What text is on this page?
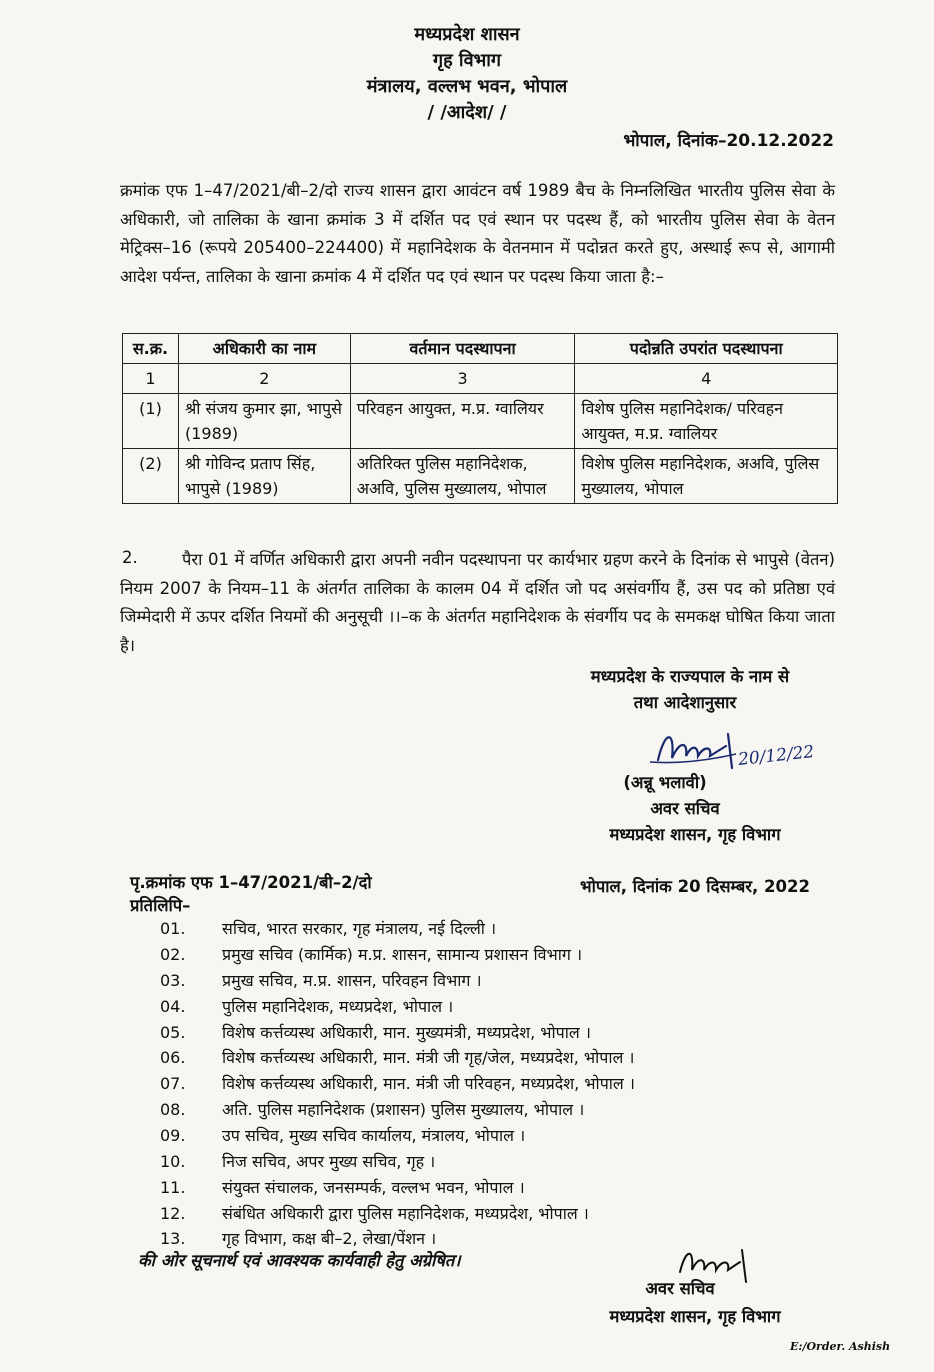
मध्यप्रदेश शासन
गृह विभाग
मंत्रालय, वल्लभ भवन, भोपाल
/ /आदेश/ /
भोपाल, दिनांक–20.12.2022
क्रमांक एफ 1–47/2021/बी–2/दो राज्य शासन द्वारा आवंटन वर्ष 1989 बैच के निम्नलिखित भारतीय पुलिस सेवा के अधिकारी, जो तालिका के खाना क्रमांक 3 में दर्शित पद एवं स्थान पर पदस्थ हैं, को भारतीय पुलिस सेवा के वेतन मेट्रिक्स–16 (रूपये 205400–224400) में महानिदेशक के वेतनमान में पदोन्नत करते हुए, अस्थाई रूप से, आगामी आदेश पर्यन्त, तालिका के खाना क्रमांक 4 में दर्शित पद एवं स्थान पर पदस्थ किया जाता है:–
स.क्र.	अधिकारी का नाम	वर्तमान पदस्थापना	पदोन्नति उपरांत पदस्थापना
1	2	3	4
(1)	श्री संजय कुमार झा, भापुसे (1989)	परिवहन आयुक्त, म.प्र. ग्वालियर	विशेष पुलिस महानिदेशक/ परिवहन आयुक्त, म.प्र. ग्वालियर
(2)	श्री गोविन्द प्रताप सिंह, भापुसे (1989)	अतिरिक्त पुलिस महानिदेशक, अअवि, पुलिस मुख्यालय, भोपाल	विशेष पुलिस महानिदेशक, अअवि, पुलिस मुख्यालय, भोपाल
2.	पैरा 01 में वर्णित अधिकारी द्वारा अपनी नवीन पदस्थापना पर कार्यभार ग्रहण करने के दिनांक से भापुसे (वेतन) नियम 2007 के नियम–11 के अंतर्गत तालिका के कालम 04 में दर्शित जो पद असंवर्गीय हैं, उस पद को प्रतिष्ठा एवं जिम्मेदारी में ऊपर दर्शित नियमों की अनुसूची ।।–क के अंतर्गत महानिदेशक के संवर्गीय पद के समकक्ष घोषित किया जाता है।
मध्यप्रदेश के राज्यपाल के नाम से
तथा आदेशानुसार
20/12/22
(अन्नू भलावी)
अवर सचिव
मध्यप्रदेश शासन, गृह विभाग
पृ.क्रमांक एफ 1–47/2021/बी–2/दो	भोपाल, दिनांक 20 दिसम्बर, 2022
प्रतिलिपि–
01. सचिव, भारत सरकार, गृह मंत्रालय, नई दिल्ली ।
02. प्रमुख सचिव (कार्मिक) म.प्र. शासन, सामान्य प्रशासन विभाग ।
03. प्रमुख सचिव, म.प्र. शासन, परिवहन विभाग ।
04. पुलिस महानिदेशक, मध्यप्रदेश, भोपाल ।
05. विशेष कर्त्तव्यस्थ अधिकारी, मान. मुख्यमंत्री, मध्यप्रदेश, भोपाल ।
06. विशेष कर्त्तव्यस्थ अधिकारी, मान. मंत्री जी गृह/जेल, मध्यप्रदेश, भोपाल ।
07. विशेष कर्त्तव्यस्थ अधिकारी, मान. मंत्री जी परिवहन, मध्यप्रदेश, भोपाल ।
08. अति. पुलिस महानिदेशक (प्रशासन) पुलिस मुख्यालय, भोपाल ।
09. उप सचिव, मुख्य सचिव कार्यालय, मंत्रालय, भोपाल ।
10. निज सचिव, अपर मुख्य सचिव, गृह ।
11. संयुक्त संचालक, जनसम्पर्क, वल्लभ भवन, भोपाल ।
12. संबंधित अधिकारी द्वारा पुलिस महानिदेशक, मध्यप्रदेश, भोपाल ।
13. गृह विभाग, कक्ष बी–2, लेखा/पेंशन ।
की ओर सूचनार्थ एवं आवश्यक कार्यवाही हेतु अग्रेषित।
अवर सचिव
मध्यप्रदेश शासन, गृह विभाग
E:/Order. Ashish
